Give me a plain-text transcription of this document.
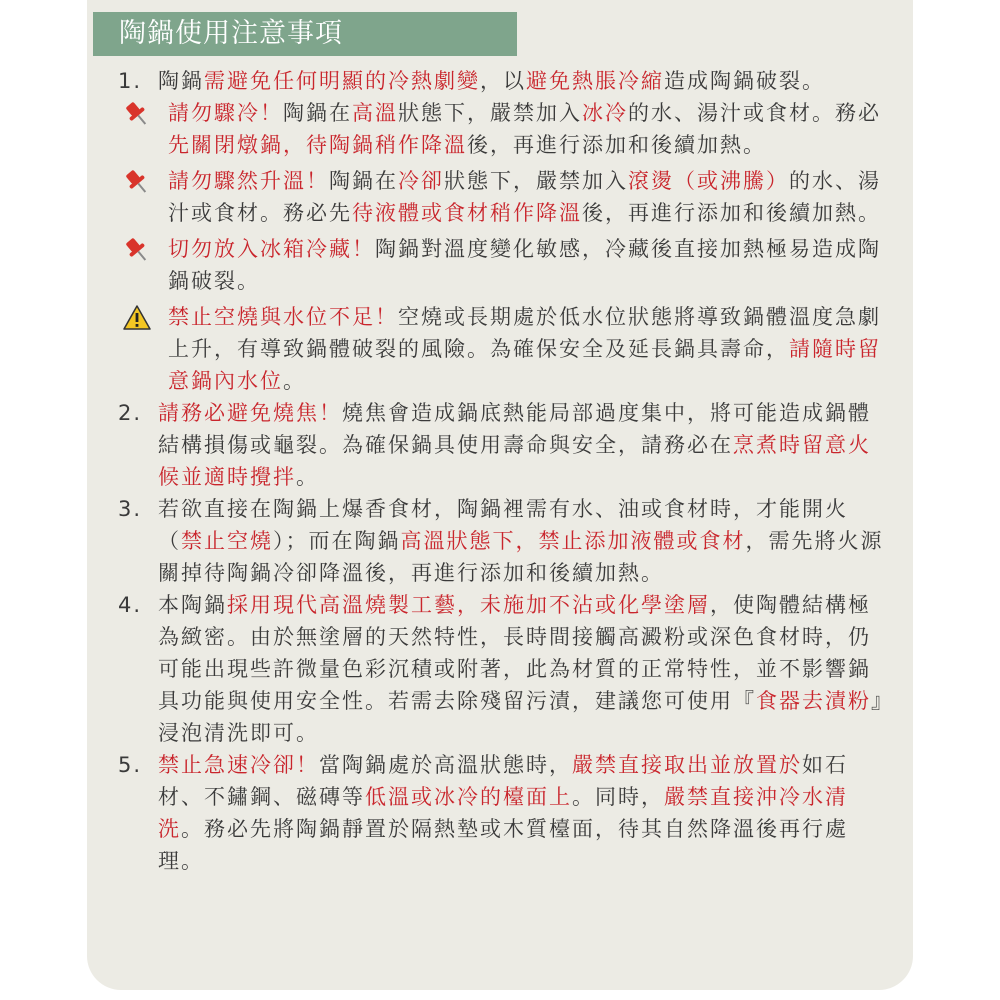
陶鍋使用注意事項
1. 陶鍋需避免任何明顯的冷熱劇變，以避免熱脹冷縮造成陶鍋破裂。
請勿驟冷！陶鍋在高溫狀態下，嚴禁加入冰冷的水、湯汁或食材。務必先關閉燉鍋，待陶鍋稍作降溫後，再進行添加和後續加熱。
請勿驟然升溫！陶鍋在冷卻狀態下，嚴禁加入滾燙（或沸騰）的水、湯汁或食材。務必先待液體或食材稍作降溫後，再進行添加和後續加熱。
切勿放入冰箱冷藏！陶鍋對溫度變化敏感，冷藏後直接加熱極易造成陶鍋破裂。
禁止空燒與水位不足！空燒或長期處於低水位狀態將導致鍋體溫度急劇上升，有導致鍋體破裂的風險。為確保安全及延長鍋具壽命，請隨時留意鍋內水位。
2. 請務必避免燒焦！燒焦會造成鍋底熱能局部過度集中，將可能造成鍋體結構損傷或龜裂。為確保鍋具使用壽命與安全，請務必在烹煮時留意火候並適時攪拌。
3. 若欲直接在陶鍋上爆香食材，陶鍋裡需有水、油或食材時，才能開火（禁止空燒）；而在陶鍋高溫狀態下，禁止添加液體或食材，需先將火源關掉待陶鍋冷卻降溫後，再進行添加和後續加熱。
4. 本陶鍋採用現代高溫燒製工藝，未施加不沾或化學塗層，使陶體結構極為緻密。由於無塗層的天然特性，長時間接觸高澱粉或深色食材時，仍可能出現些許微量色彩沉積或附著，此為材質的正常特性，並不影響鍋具功能與使用安全性。若需去除殘留污漬，建議您可使用『食器去漬粉』浸泡清洗即可。
5. 禁止急速冷卻！當陶鍋處於高溫狀態時，嚴禁直接取出並放置於如石材、不鏽鋼、磁磚等低溫或冰冷的檯面上。同時，嚴禁直接沖冷水清洗。務必先將陶鍋靜置於隔熱墊或木質檯面，待其自然降溫後再行處理。
